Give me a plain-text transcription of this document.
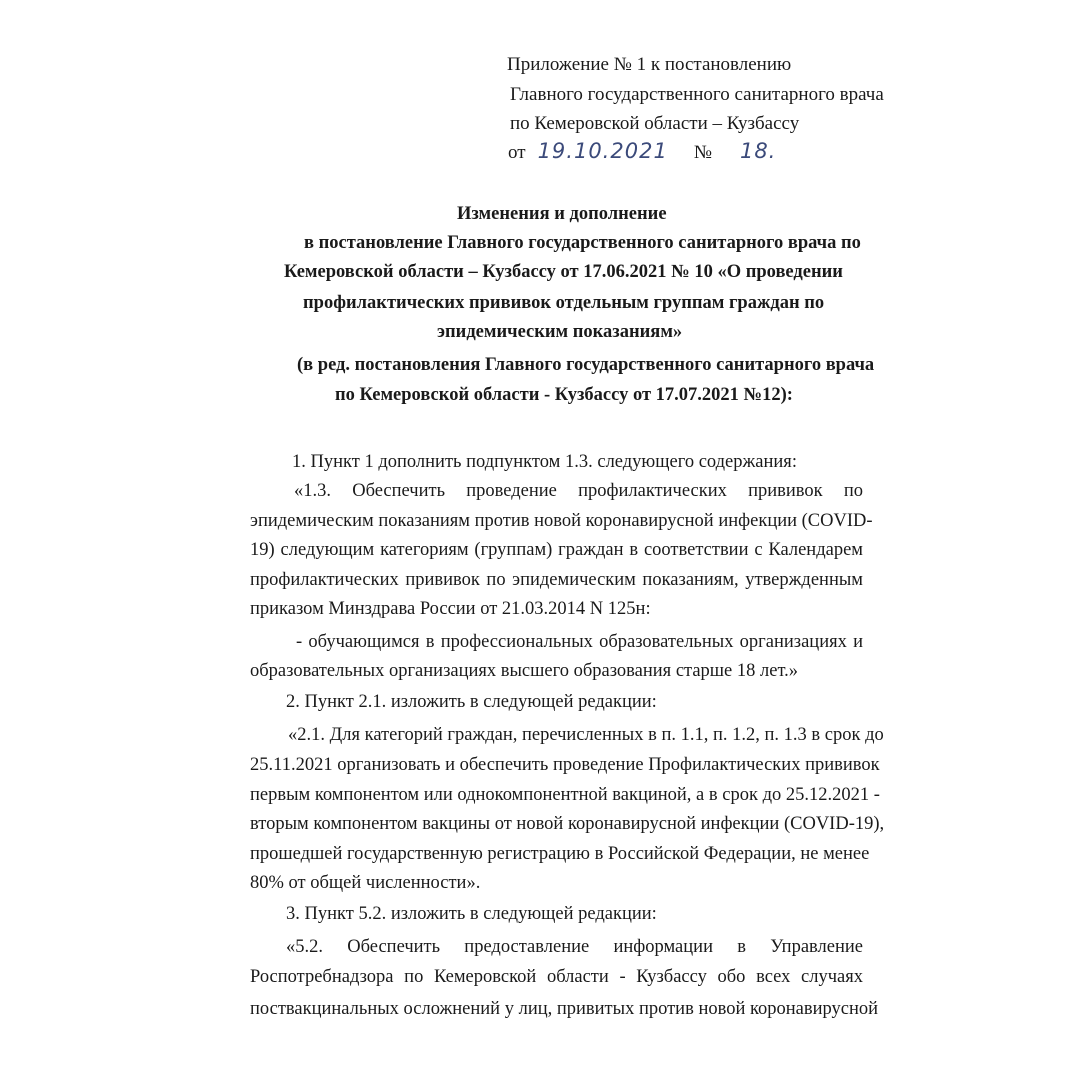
Приложение № 1 к постановлению
Главного государственного санитарного врача
по Кемеровской области – Кузбассу
от 19.10.2021 № 18.
Изменения и дополнение
в постановление Главного государственного санитарного врача по
Кемеровской области – Кузбассу от 17.06.2021 № 10 «О проведении
профилактических прививок отдельным группам граждан по
эпидемическим показаниям»
(в ред. постановления Главного государственного санитарного врача
по Кемеровской области - Кузбассу от 17.07.2021 №12):
1. Пункт 1 дополнить подпунктом 1.3. следующего содержания:
«1.3. Обеспечить проведение профилактических прививок по
эпидемическим показаниям против новой коронавирусной инфекции (COVID-
19) следующим категориям (группам) граждан в соответствии с Календарем
профилактических прививок по эпидемическим показаниям, утвержденным
приказом Минздрава России от 21.03.2014 N 125н:
- обучающимся в профессиональных образовательных организациях и
образовательных организациях высшего образования старше 18 лет.»
2. Пункт 2.1. изложить в следующей редакции:
«2.1. Для категорий граждан, перечисленных в п. 1.1, п. 1.2, п. 1.3 в срок до
25.11.2021 организовать и обеспечить проведение Профилактических прививок
первым компонентом или однокомпонентной вакциной, а в срок до 25.12.2021 -
вторым компонентом вакцины от новой коронавирусной инфекции (COVID-19),
прошедшей государственную регистрацию в Российской Федерации, не менее
80% от общей численности».
3. Пункт 5.2. изложить в следующей редакции:
«5.2. Обеспечить предоставление информации в Управление
Роспотребнадзора по Кемеровской области - Кузбассу обо всех случаях
поствакцинальных осложнений у лиц, привитых против новой коронавирусной
